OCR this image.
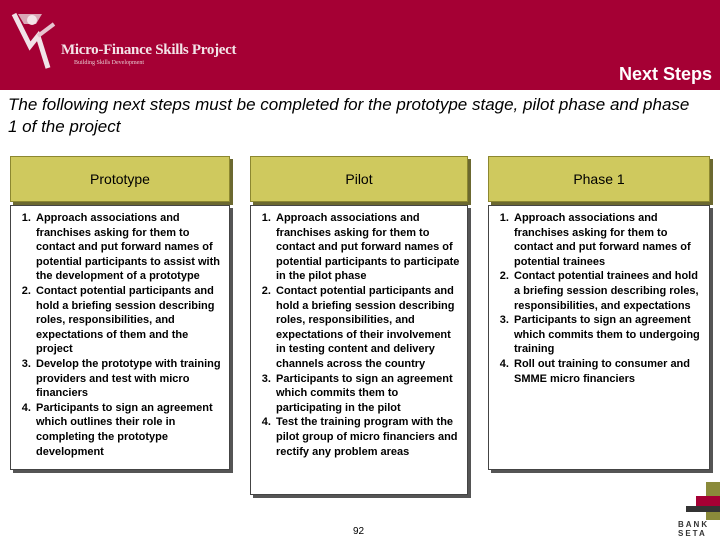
Micro-Finance Skills Project
Building Skills Development
Next Steps
The following next steps must be completed for the prototype stage, pilot phase and phase 1 of the project
Prototype
1. Approach associations and franchises asking for them to contact and put forward names of potential participants to assist with the development of a prototype
2. Contact potential participants and hold a briefing session describing roles, responsibilities, and expectations of them and the project
3. Develop the prototype with training providers and test with micro financiers
4. Participants to sign an agreement which outlines their role in completing the prototype development
Pilot
1. Approach associations and franchises asking for them to contact and put forward names of potential participants to participate in the pilot phase
2. Contact potential participants and hold a briefing session describing roles, responsibilities, and expectations of their involvement in testing content and delivery channels across the country
3. Participants to sign an agreement which commits them to participating in the pilot
4. Test the training program with the pilot group of micro financiers and rectify any problem areas
Phase 1
1. Approach associations and franchises asking for them to contact and put forward names of potential trainees
2. Contact potential trainees and hold a briefing session describing roles, responsibilities, and expectations
3. Participants to sign an agreement which commits them to undergoing training
4. Roll out training to consumer and SMME micro financiers
92
BANK
SETA
